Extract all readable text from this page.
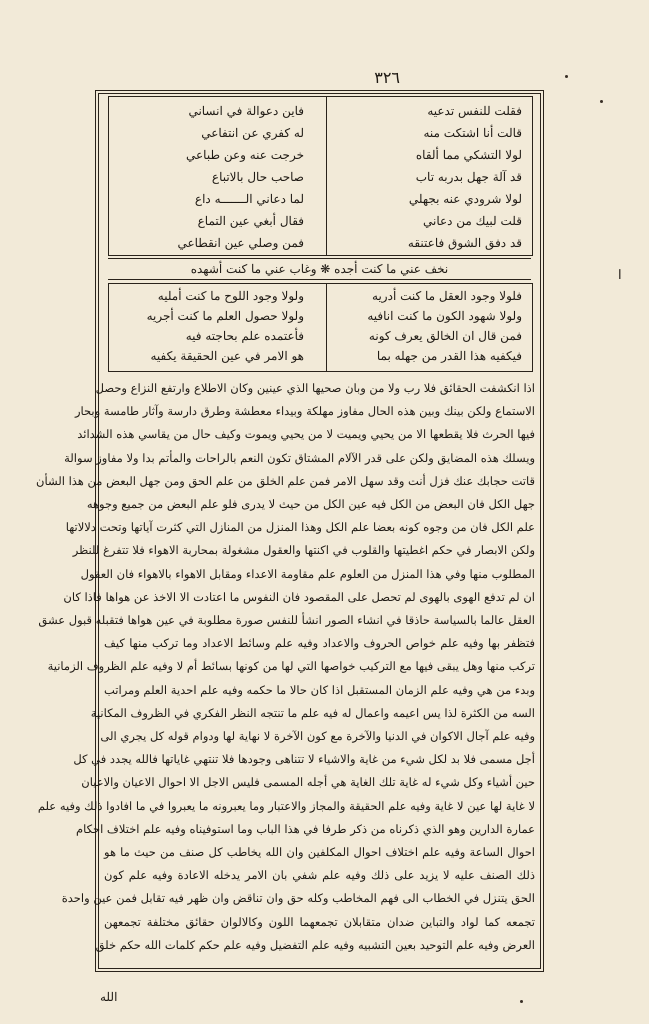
٣٢٦
فقلت للنفس تدعيه
قالت أنا اشتكت منه
لولا التشكي مما ألقاه
قد آلة جهل بدربه تاب
لولا شرودي عنه بجهلي
قلت لبيك من دعاني
قد دفق الشوق فاعتنقه
فاين دعوالة في انساني
له كفري عن انتفاعي
خرجت عنه وعن طباعي
صاحب حال بالاتباع
لما دعاني الـــــــه داع
فقال أبغي عين التماع
فمن وصلي عين انقطاعي
نخف عني ما كنت أجده ❋ وغاب عني ما كنت أشهده
فلولا وجود العقل ما كنت أدريه
ولولا شهود الكون ما كنت انافيه
فمن قال ان الخالق يعرف كونه
فيكفيه هذا القدر من جهله بما
ولولا وجود اللوح ما كنت أمليه
ولولا حصول العلم ما كنت أجريه
فأعتمده علم بحاجته فيه
هو الامر في عين الحقيقة يكفيه
اذا انكشفت الحقائق فلا رب ولا من وبان صحيها الذي عينين وكان الاطلاع وارتفع النزاع وحصل
الاستماع ولكن بينك وبين هذه الحال مفاوز مهلكة وبيداء معطشة وطرق دارسة وآثار طامسة وبحار
فيها الحرث فلا يقطعها الا من يحيي ويميت لا من يحيي ويموت وكيف حال من يقاسي هذه الشدائد
ويسلك هذه المضايق ولكن على قدر الآلام المشتاق تكون النعم بالراحات والمأتم بدا ولا مفاوز سوالة
قاتت حجابك عنك فزل أنت وقد سهل الامر فمن علم الخلق من علم الحق ومن جهل البعض من هذا الشأن
جهل الكل فان البعض من الكل فيه عين الكل من حيث لا يدرى فلو علم البعض من جميع وجوهه
علم الكل فان من وجوه كونه بعضا علم الكل وهذا المنزل من المنازل التي كثرت آياتها وتحت دلالاتها
ولكن الابصار في حكم اغطيتها والقلوب في اكنتها والعقول مشغولة بمحاربة الاهواء فلا تتفرغ للنظر
المطلوب منها وفي هذا المنزل من العلوم علم مقاومة الاعداء ومقابل الاهواء بالاهواء فان العقول
ان لم تدفع الهوى بالهوى لم تحصل على المقصود فان النفوس ما اعتادت الا الاخذ عن هواها فاذا كان
العقل عالما بالسياسة حاذقا في انشاء الصور انشأ للنفس صورة مطلوبة في عين هواها فتقبله قبول عشق
فتظفر بها وفيه علم خواص الحروف والاعداد وفيه علم وسائط الاعداد وما تركب منها كيف
تركب منها وهل يبقى فيها مع التركيب خواصها التي لها من كونها بسائط أم لا وفيه علم الظروف الزمانية
وبدء من هي وفيه علم الزمان المستقبل اذا كان حالا ما حكمه وفيه علم احدية العلم ومراتب
السه من الكثرة لذا يس اعيمه واعمال له فيه علم ما تنتجه النظر الفكري في الظروف المكانية
وفيه علم آجال الاكوان في الدنيا والآخرة مع كون الآخرة لا نهاية لها ودوام قوله كل يجري الى
أجل مسمى فلا بد لكل شيء من غاية والاشياء لا تتناهى وجودها فلا تنتهي غاياتها فالله يجدد في كل
حين أشياء وكل شيء له غاية تلك الغاية هي أجله المسمى فليس الاجل الا احوال الاعيان والاعيان
لا غاية لها عين لا غاية وفيه علم الحقيقة والمجاز والاعتبار وما يعبرونه ما يعبروا في ما افادوا ذلك وفيه علم
عمارة الدارين وهو الذي ذكرناه من ذكر طرفا في هذا الباب وما استوفيناه وفيه علم اختلاف احكام
احوال الساعة وفيه علم اختلاف احوال المكلفين وان الله يخاطب كل صنف من حيث ما هو
ذلك الصنف عليه لا يزيد على ذلك وفيه علم شفي بان الامر يدخله الاعادة وفيه علم كون
الحق يتنزل في الخطاب الى فهم المخاطب وكله حق وان تناقض وان ظهر فيه تقابل فمن عين واحدة
تجمعه كما لواد والتباين ضدان متقابلان تجمعهما اللون وكالالوان حقائق مختلفة تجمعهن
العرض وفيه علم التوحيد بعين التشبيه وفيه علم التفضيل وفيه علم حكم كلمات الله حكم خلق
الله
ا
